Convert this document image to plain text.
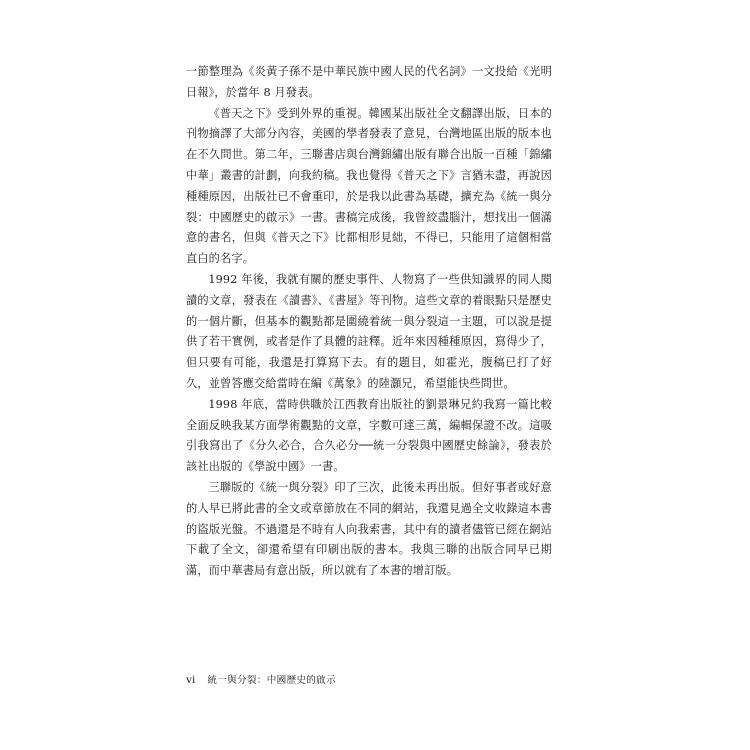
一節整理為《炎黃子孫不是中華民族中國人民的代名詞》一文投給《光明日報》，於當年 8 月發表。

《普天之下》受到外界的重視。韓國某出版社全文翻譯出版，日本的刊物摘譯了大部分內容，美國的學者發表了意見，台灣地區出版的版本也在不久問世。第二年，三聯書店與台灣錦繡出版有聯合出版一百種「錦繡中華」叢書的計劃，向我約稿。我也覺得《普天之下》言猶未盡，再說因種種原因，出版社已不會重印，於是我以此書為基礎，擴充為《統一與分裂：中國歷史的啟示》一書。書稿完成後，我曾絞盡腦汁，想找出一個滿意的書名，但與《普天之下》比都相形見絀，不得已，只能用了這個相當直白的名字。

1992 年後，我就有關的歷史事件、人物寫了一些供知識界的同人閱讀的文章，發表在《讀書》、《書屋》等刊物。這些文章的着眼點只是歷史的一個片斷，但基本的觀點都是圍繞着統一與分裂這一主題，可以說是提供了若干實例，或者是作了具體的註釋。近年來因種種原因，寫得少了，但只要有可能，我還是打算寫下去。有的題目，如霍光，腹稿已打了好久，並曾答應交給當時在編《萬象》的陸灝兄，希望能快些問世。

1998 年底，當時供職於江西教育出版社的劉景琳兄約我寫一篇比較全面反映我某方面學術觀點的文章，字數可達三萬，編輯保證不改。這吸引我寫出了《分久必合，合久必分──統一分裂與中國歷史餘論》，發表於該社出版的《學說中國》一書。

三聯版的《統一與分裂》印了三次，此後未再出版。但好事者或好意的人早已將此書的全文或章節放在不同的網站，我還見過全文收錄這本書的盜版光盤。不過還是不時有人向我索書，其中有的讀者儘管已經在網站下載了全文，卻還希望有印刷出版的書本。我與三聯的出版合同早已期滿，而中華書局有意出版，所以就有了本書的增訂版。

vi 統一與分裂：中國歷史的啟示
